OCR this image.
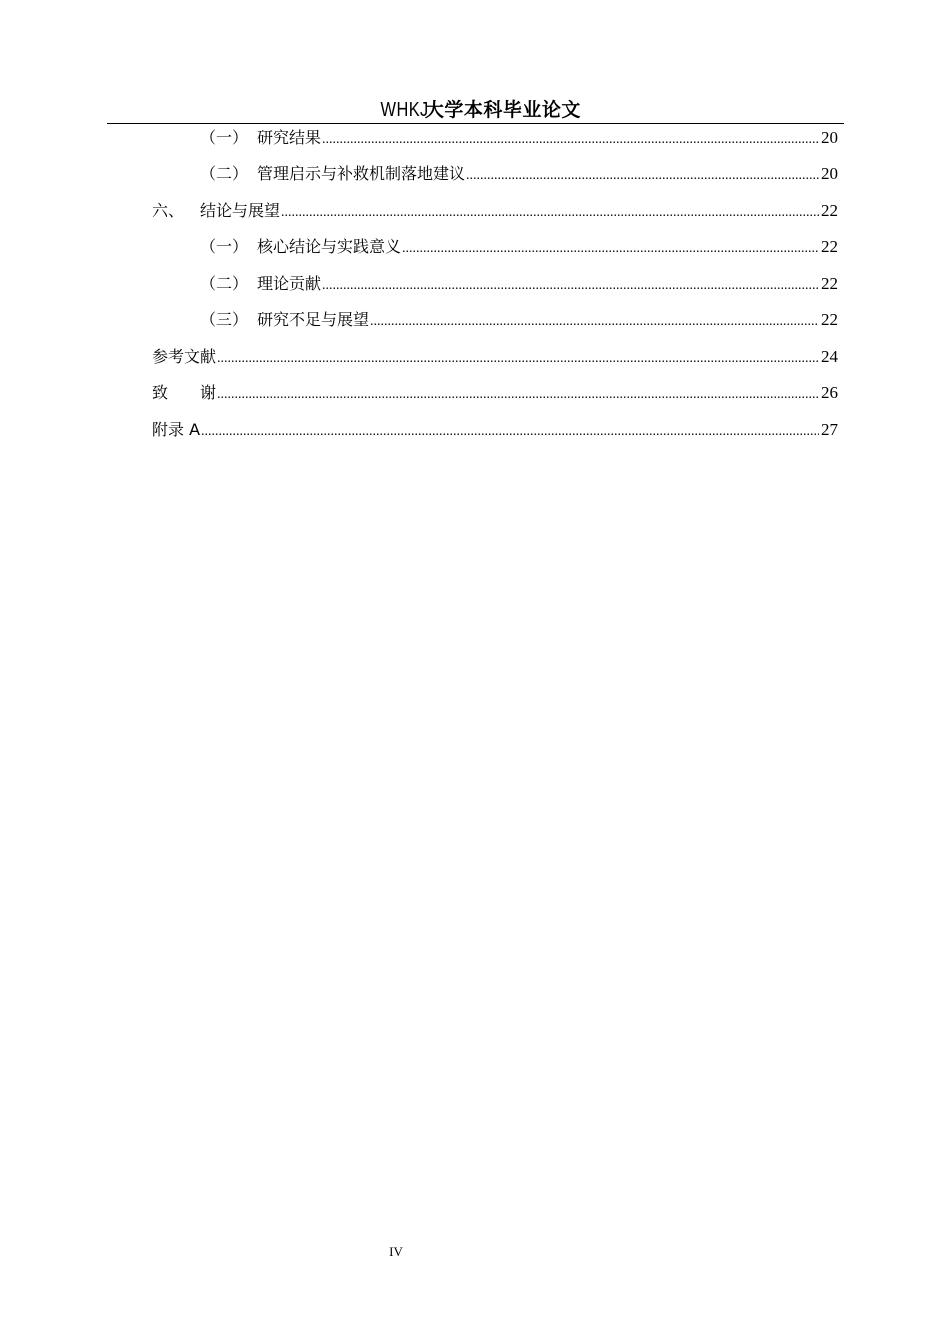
WHKJ大学本科毕业论文
（一） 研究结果 .....	20
（二） 管理启示与补救机制落地建议 .....	20
六、 结论与展望 .....	22
（一） 核心结论与实践意义 .....	22
（二） 理论贡献 .....	22
（三） 研究不足与展望 .....	22
参考文献 .....	24
致　　谢 .....	26
附录 A .....	27
IV
